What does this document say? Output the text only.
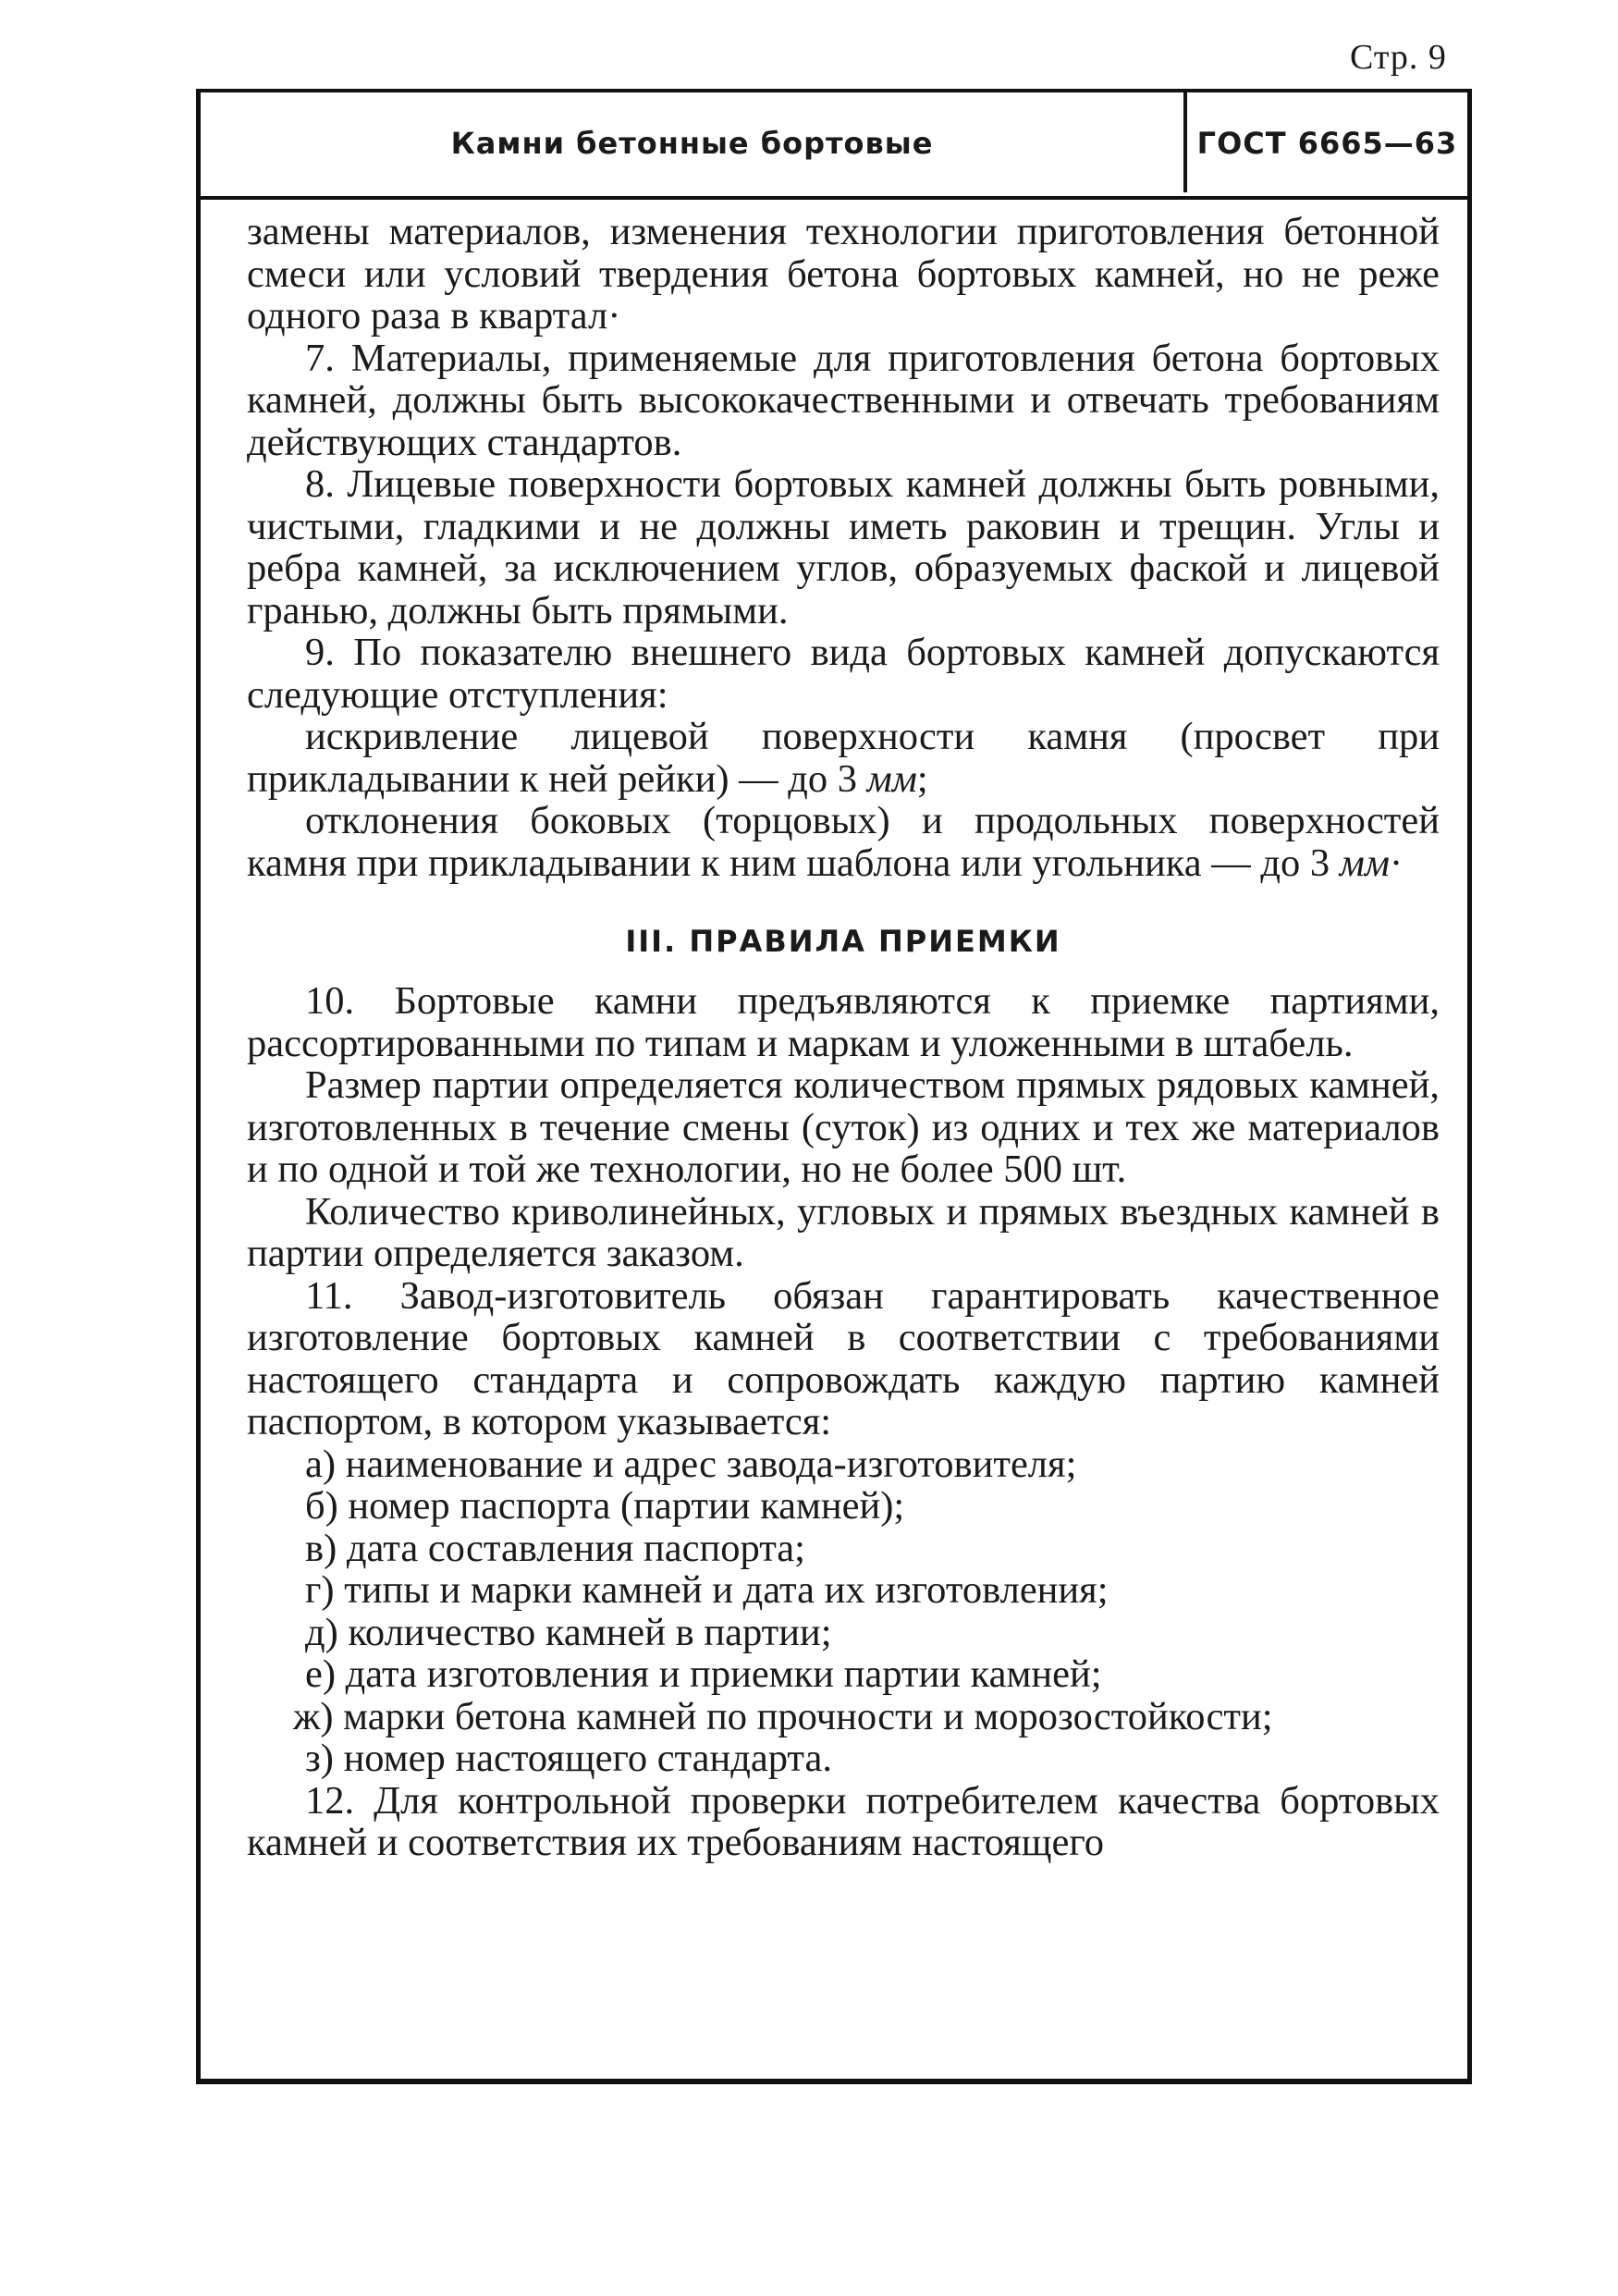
Стр. 9
Камни бетонные бортовые	ГОСТ 6665—63

замены материалов, изменения технологии приготовления бетонной смеси или условий твердения бетона бортовых камней, но не реже одного раза в квартал·

7. Материалы, применяемые для приготовления бетона бортовых камней, должны быть высококачественными и отвечать требованиям действующих стандартов.

8. Лицевые поверхности бортовых камней должны быть ровными, чистыми, гладкими и не должны иметь раковин и трещин. Углы и ребра камней, за исключением углов, образуемых фаской и лицевой гранью, должны быть прямыми.

9. По показателю внешнего вида бортовых камней допускаются следующие отступления:

искривление лицевой поверхности камня (просвет при прикладывании к ней рейки) — до 3 мм;

отклонения боковых (торцовых) и продольных поверхностей камня при прикладывании к ним шаблона или угольника — до 3 мм·

III. ПРАВИЛА ПРИЕМКИ

10. Бортовые камни предъявляются к приемке партиями, рассортированными по типам и маркам и уложенными в штабель.

Размер партии определяется количеством прямых рядовых камней, изготовленных в течение смены (суток) из одних и тех же материалов и по одной и той же технологии, но не более 500 шт.

Количество криволинейных, угловых и прямых въездных камней в партии определяется заказом.

11. Завод-изготовитель обязан гарантировать качественное изготовление бортовых камней в соответствии с требованиями настоящего стандарта и сопровождать каждую партию камней паспортом, в котором указывается:

а) наименование и адрес завода-изготовителя;

б) номер паспорта (партии камней);

в) дата составления паспорта;

г) типы и марки камней и дата их изготовления;

д) количество камней в партии;

е) дата изготовления и приемки партии камней;

ж) марки бетона камней по прочности и морозостойкости;

з) номер настоящего стандарта.

12. Для контрольной проверки потребителем качества бортовых камней и соответствия их требованиям настоящего
